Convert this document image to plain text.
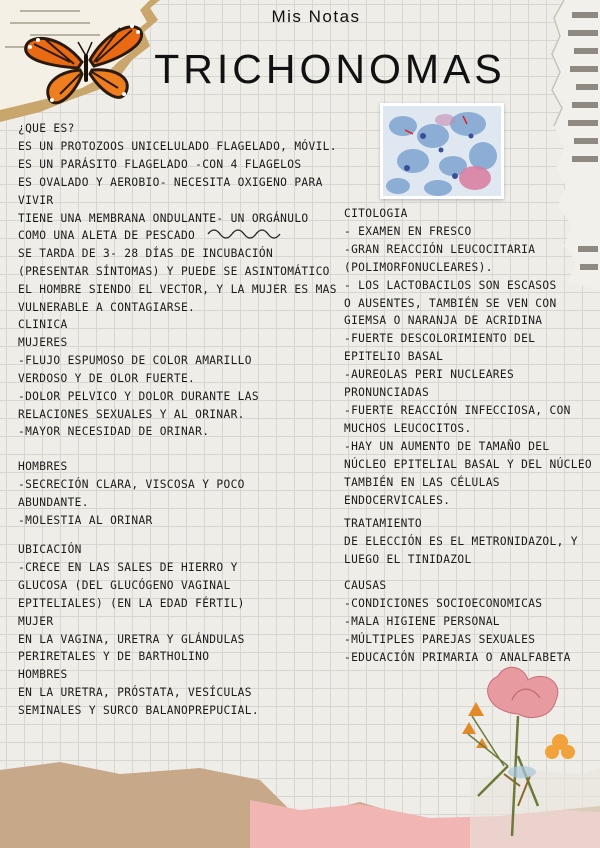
Mis Notas
TRICHONOMAS
¿QUE ES?
ES UN PROTOZOOS UNICELULADO FLAGELADO, MÓVIL.
ES UN PARÁSITO FLAGELADO -CON 4 FLAGELOS
ES OVALADO Y AEROBIO- NECESITA OXIGENO PARA
VIVIR
TIENE UNA MEMBRANA ONDULANTE- UN ORGÁNULO
COMO UNA ALETA DE PESCADO
SE TARDA DE 3- 28 DÍAS DE INCUBACIÓN
(PRESENTAR SÍNTOMAS) Y PUEDE SE ASINTOMÁTICO
EL HOMBRE SIENDO EL VECTOR, Y LA MUJER ES MAS
VULNERABLE A CONTAGIARSE.
CLINICA
MUJERES
-FLUJO ESPUMOSO DE COLOR AMARILLO
VERDOSO Y DE OLOR FUERTE.
-DOLOR PELVICO Y DOLOR DURANTE LAS
RELACIONES SEXUALES Y AL ORINAR.
-MAYOR NECESIDAD DE ORINAR.
HOMBRES
-SECRECIÓN CLARA, VISCOSA Y POCO
ABUNDANTE.
-MOLESTIA AL ORINAR
UBICACIÓN
-CRECE EN LAS SALES DE HIERRO Y
GLUCOSA (DEL GLUCÓGENO VAGINAL
EPITELIALES) (EN LA EDAD FÉRTIL)
MUJER
EN LA VAGINA, URETRA Y GLÁNDULAS
PERIRETALES Y DE BARTHOLINO
HOMBRES
EN LA URETRA, PRÓSTATA, VESÍCULAS
SEMINALES Y SURCO BALANOPREPUCIAL.
CITOLOGIA
- EXAMEN EN FRESCO
-GRAN REACCIÓN LEUCOCITARIA
(POLIMORFONUCLEARES).
- LOS LACTOBACILOS SON ESCASOS
O AUSENTES, TAMBIÉN SE VEN CON
GIEMSA O NARANJA DE ACRIDINA
-FUERTE DESCOLORIMIENTO DEL
EPITELIO BASAL
-AUREOLAS PERI NUCLEARES
PRONUNCIADAS
-FUERTE REACCIÓN INFECCIOSA, CON
MUCHOS LEUCOCITOS.
-HAY UN AUMENTO DE TAMAÑO DEL
NÚCLEO EPITELIAL BASAL Y DEL NÚCLEO
TAMBIÉN EN LAS CÉLULAS
ENDOCERVICALES.
TRATAMIENTO
DE ELECCIÓN ES EL METRONIDAZOL, Y
LUEGO EL TINIDAZOL
CAUSAS
-CONDICIONES SOCIOECONOMICAS
-MALA HIGIENE PERSONAL
-MÚLTIPLES PAREJAS SEXUALES
-EDUCACIÓN PRIMARIA O ANALFABETA
